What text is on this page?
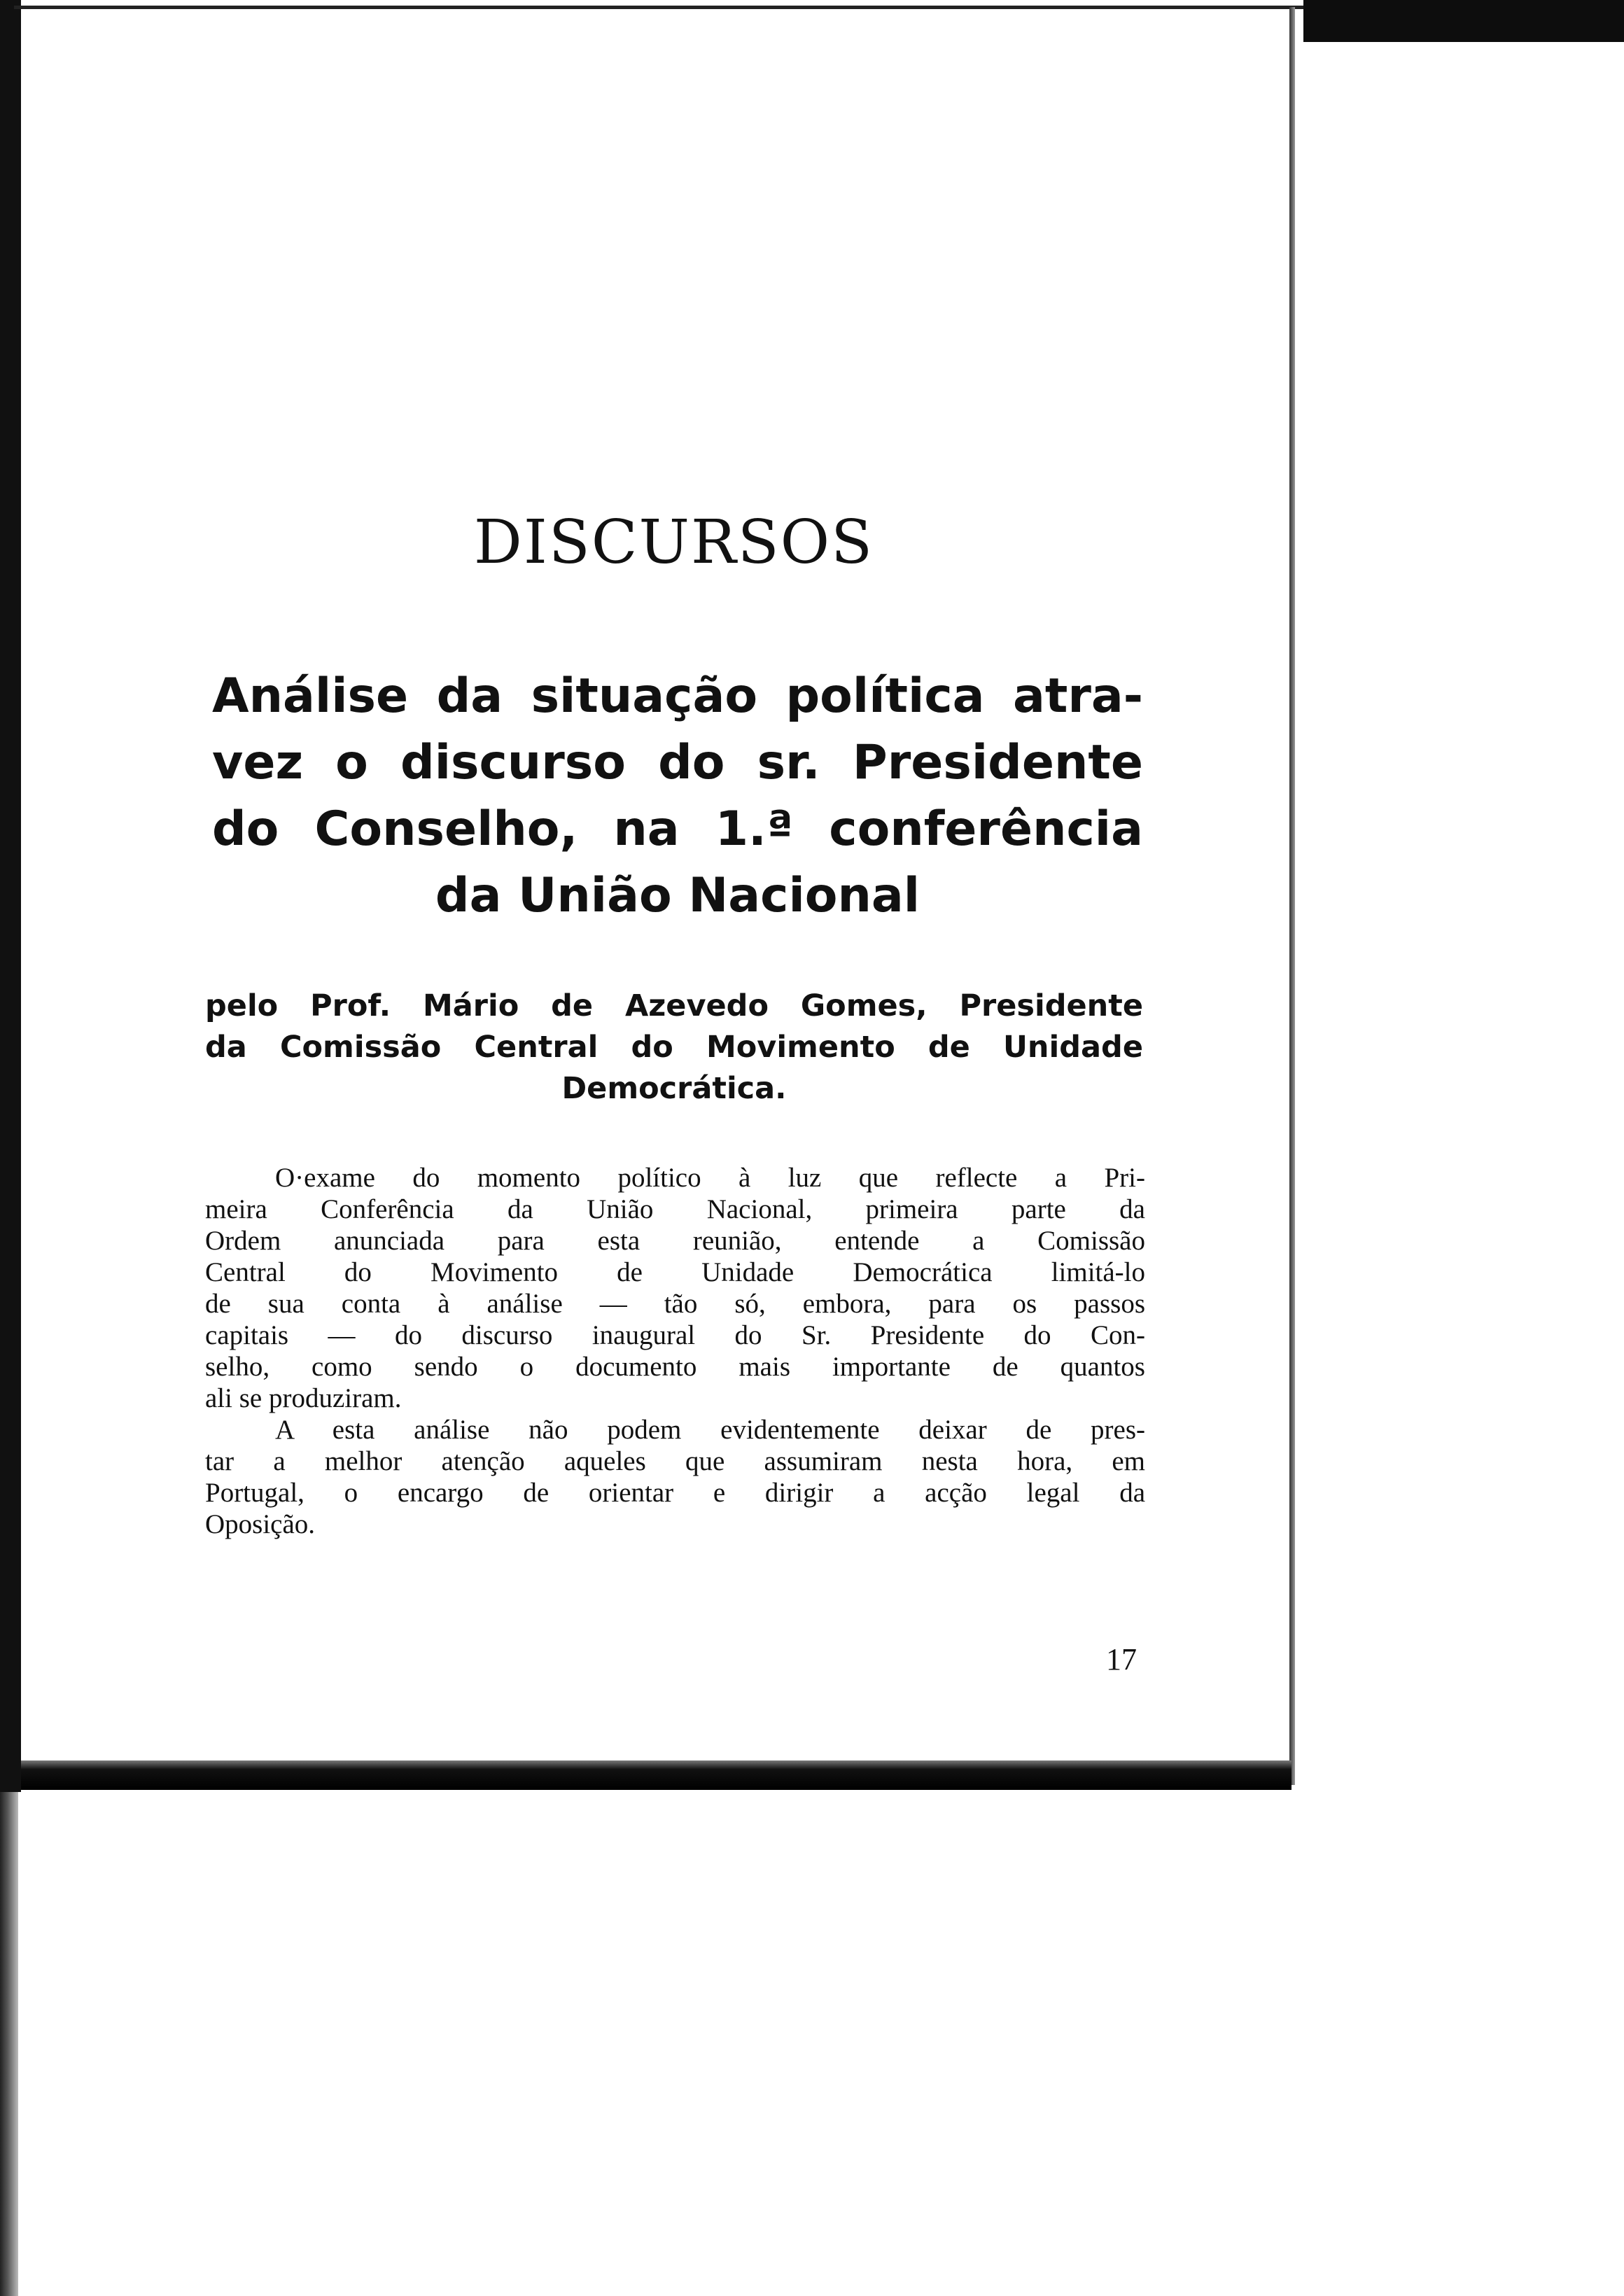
DISCURSOS
Análise da situação política atra-
vez o discurso do sr. Presidente
do Conselho, na 1.ª conferência
da União Nacional
pelo Prof. Mário de Azevedo Gomes, Presidente
da Comissão Central do Movimento de Unidade
Democrática.
O·exame do momento político à luz que reflecte a Pri-
meira Conferência da União Nacional, primeira parte da
Ordem anunciada para esta reunião, entende a Comissão
Central do Movimento de Unidade Democrática limitá-lo
de sua conta à análise — tão só, embora, para os passos
capitais — do discurso inaugural do Sr. Presidente do Con-
selho, como sendo o documento mais importante de quantos
ali se produziram.
A esta análise não podem evidentemente deixar de pres-
tar a melhor atenção aqueles que assumiram nesta hora, em
Portugal, o encargo de orientar e dirigir a acção legal da
Oposição.
17
